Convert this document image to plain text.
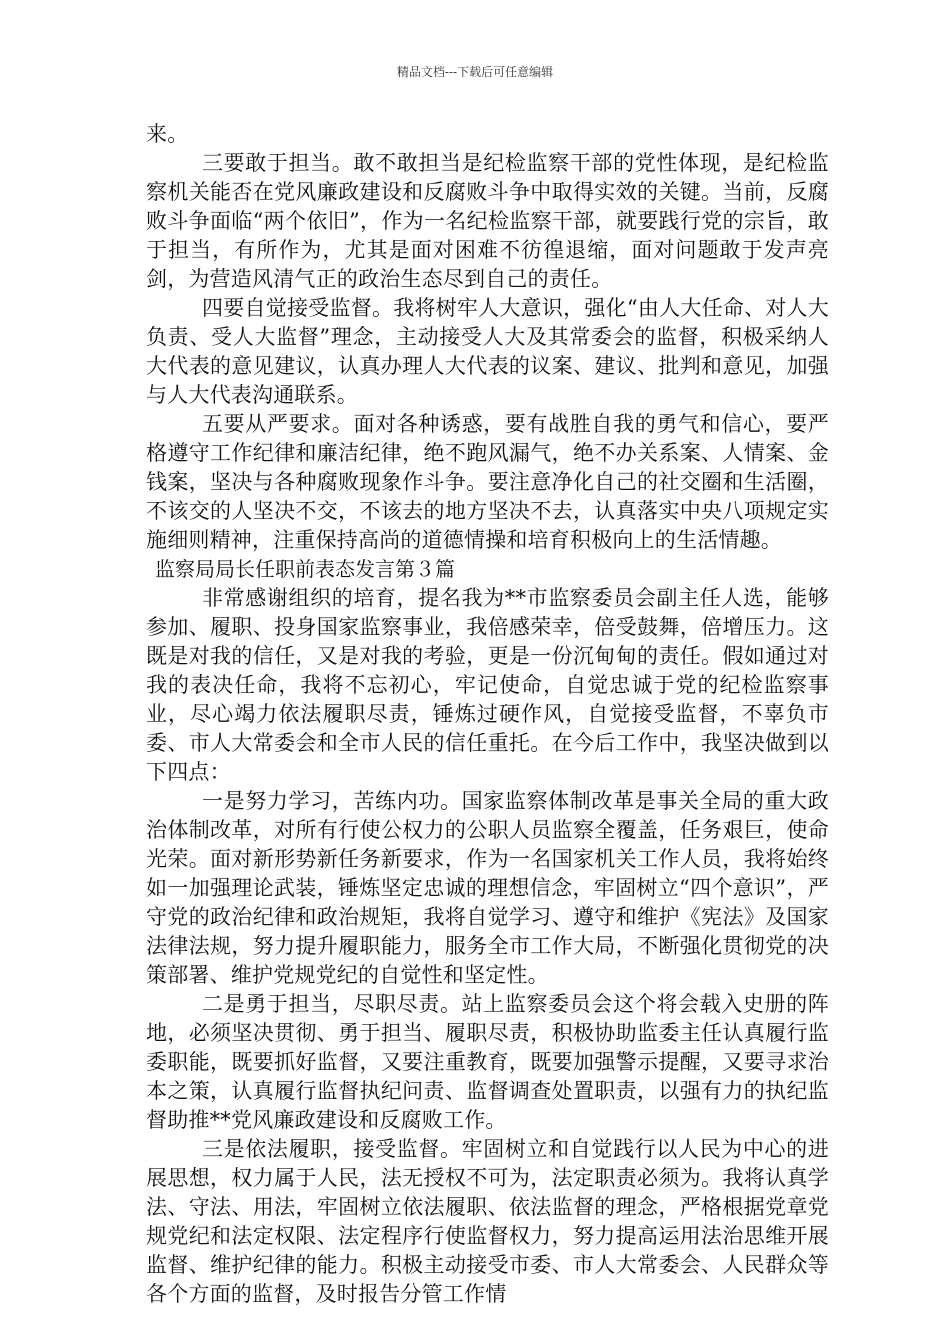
精品文档---下载后可任意编辑

来。

三要敢于担当。敢不敢担当是纪检监察干部的党性体现，是纪检监察机关能否在党风廉政建设和反腐败斗争中取得实效的关键。当前，反腐败斗争面临“两个依旧”，作为一名纪检监察干部，就要践行党的宗旨，敢于担当，有所作为，尤其是面对困难不彷徨退缩，面对问题敢于发声亮剑，为营造风清气正的政治生态尽到自己的责任。

四要自觉接受监督。我将树牢人大意识，强化“由人大任命、对人大负责、受人大监督”理念，主动接受人大及其常委会的监督，积极采纳人大代表的意见建议，认真办理人大代表的议案、建议、批判和意见，加强与人大代表沟通联系。

五要从严要求。面对各种诱惑，要有战胜自我的勇气和信心，要严格遵守工作纪律和廉洁纪律，绝不跑风漏气，绝不办关系案、人情案、金钱案，坚决与各种腐败现象作斗争。要注意净化自己的社交圈和生活圈，不该交的人坚决不交，不该去的地方坚决不去，认真落实中央八项规定实施细则精神，注重保持高尚的道德情操和培育积极向上的生活情趣。

监察局局长任职前表态发言第３篇

非常感谢组织的培育，提名我为**市监察委员会副主任人选，能够参加、履职、投身国家监察事业，我倍感荣幸，倍受鼓舞，倍增压力。这既是对我的信任，又是对我的考验，更是一份沉甸甸的责任。假如通过对我的表决任命，我将不忘初心，牢记使命，自觉忠诚于党的纪检监察事业，尽心竭力依法履职尽责，锤炼过硬作风，自觉接受监督，不辜负市委、市人大常委会和全市人民的信任重托。在今后工作中，我坚决做到以下四点：

一是努力学习，苦练内功。国家监察体制改革是事关全局的重大政治体制改革，对所有行使公权力的公职人员监察全覆盖，任务艰巨，使命光荣。面对新形势新任务新要求，作为一名国家机关工作人员，我将始终如一加强理论武装，锤炼坚定忠诚的理想信念，牢固树立“四个意识”，严守党的政治纪律和政治规矩，我将自觉学习、遵守和维护《宪法》及国家法律法规，努力提升履职能力，服务全市工作大局，不断强化贯彻党的决策部署、维护党规党纪的自觉性和坚定性。

二是勇于担当，尽职尽责。站上监察委员会这个将会载入史册的阵地，必须坚决贯彻、勇于担当、履职尽责，积极协助监委主任认真履行监委职能，既要抓好监督，又要注重教育，既要加强警示提醒，又要寻求治本之策，认真履行监督执纪问责、监督调查处置职责，以强有力的执纪监督助推**党风廉政建设和反腐败工作。

三是依法履职，接受监督。牢固树立和自觉践行以人民为中心的进展思想，权力属于人民，法无授权不可为，法定职责必须为。我将认真学法、守法、用法，牢固树立依法履职、依法监督的理念，严格根据党章党规党纪和法定权限、法定程序行使监督权力，努力提高运用法治思维开展监督、维护纪律的能力。积极主动接受市委、市人大常委会、人民群众等各个方面的监督，及时报告分管工作情
